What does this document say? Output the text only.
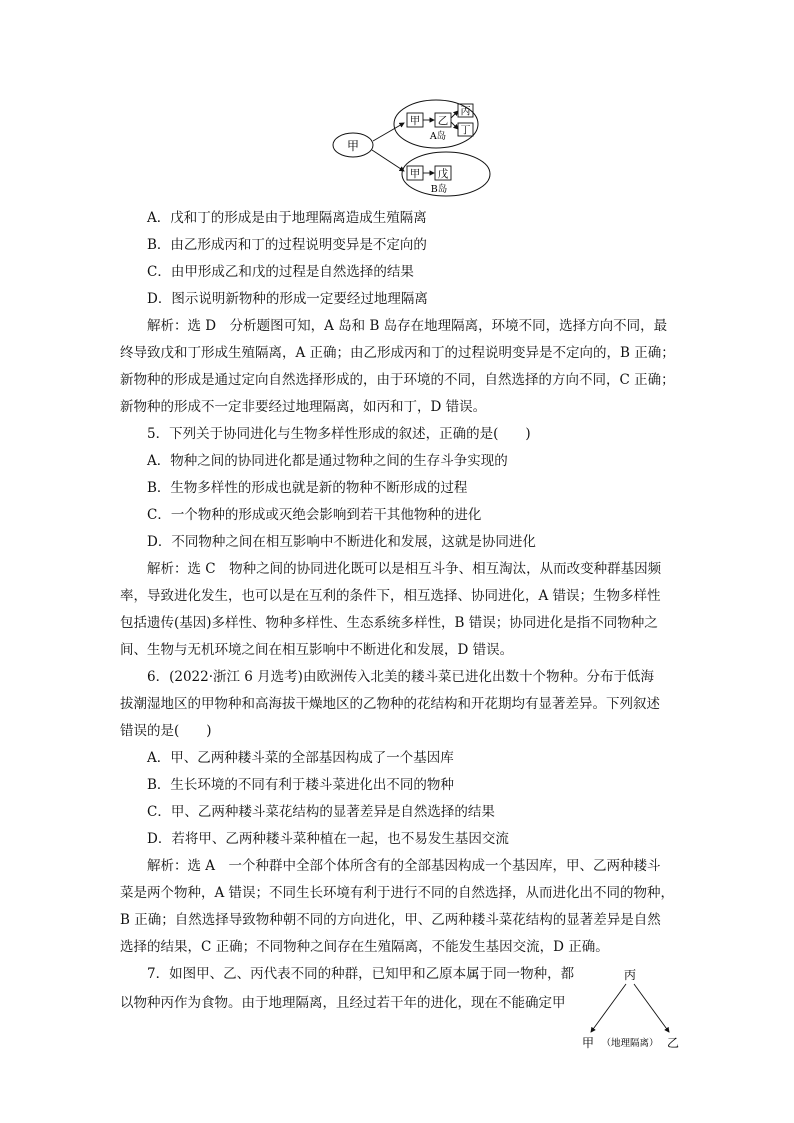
甲
甲 乙
丙
丁
A岛
甲 戊
B岛
A．戊和丁的形成是由于地理隔离造成生殖隔离
B．由乙形成丙和丁的过程说明变异是不定向的
C．由甲形成乙和戊的过程是自然选择的结果
D．图示说明新物种的形成一定要经过地理隔离
解析：选 D　分析题图可知，A 岛和 B 岛存在地理隔离，环境不同，选择方向不同，最
终导致戊和丁形成生殖隔离，A 正确；由乙形成丙和丁的过程说明变异是不定向的，B 正确；
新物种的形成是通过定向自然选择形成的，由于环境的不同，自然选择的方向不同，C 正确；
新物种的形成不一定非要经过地理隔离，如丙和丁，D 错误。
5．下列关于协同进化与生物多样性形成的叙述，正确的是(　　)
A．物种之间的协同进化都是通过物种之间的生存斗争实现的
B．生物多样性的形成也就是新的物种不断形成的过程
C．一个物种的形成或灭绝会影响到若干其他物种的进化
D．不同物种之间在相互影响中不断进化和发展，这就是协同进化
解析：选 C　物种之间的协同进化既可以是相互斗争、相互淘汰，从而改变种群基因频
率，导致进化发生，也可以是在互利的条件下，相互选择、协同进化，A 错误；生物多样性
包括遗传(基因)多样性、物种多样性、生态系统多样性，B 错误；协同进化是指不同物种之
间、生物与无机环境之间在相互影响中不断进化和发展，D 错误。
6．(2022·浙江 6 月选考)由欧洲传入北美的耧斗菜已进化出数十个物种。分布于低海
拔潮湿地区的甲物种和高海拔干燥地区的乙物种的花结构和开花期均有显著差异。下列叙述
错误的是(　　)
A．甲、乙两种耧斗菜的全部基因构成了一个基因库
B．生长环境的不同有利于耧斗菜进化出不同的物种
C．甲、乙两种耧斗菜花结构的显著差异是自然选择的结果
D．若将甲、乙两种耧斗菜种植在一起，也不易发生基因交流
解析：选 A　一个种群中全部个体所含有的全部基因构成一个基因库，甲、乙两种耧斗
菜是两个物种，A 错误；不同生长环境有利于进行不同的自然选择，从而进化出不同的物种，
B 正确；自然选择导致物种朝不同的方向进化，甲、乙两种耧斗菜花结构的显著差异是自然
选择的结果，C 正确；不同物种之间存在生殖隔离，不能发生基因交流，D 正确。
7．如图甲、乙、丙代表不同的种群，已知甲和乙原本属于同一物种，都
以物种丙作为食物。由于地理隔离，且经过若干年的进化，现在不能确定甲
丙
甲 （地理隔离） 乙
